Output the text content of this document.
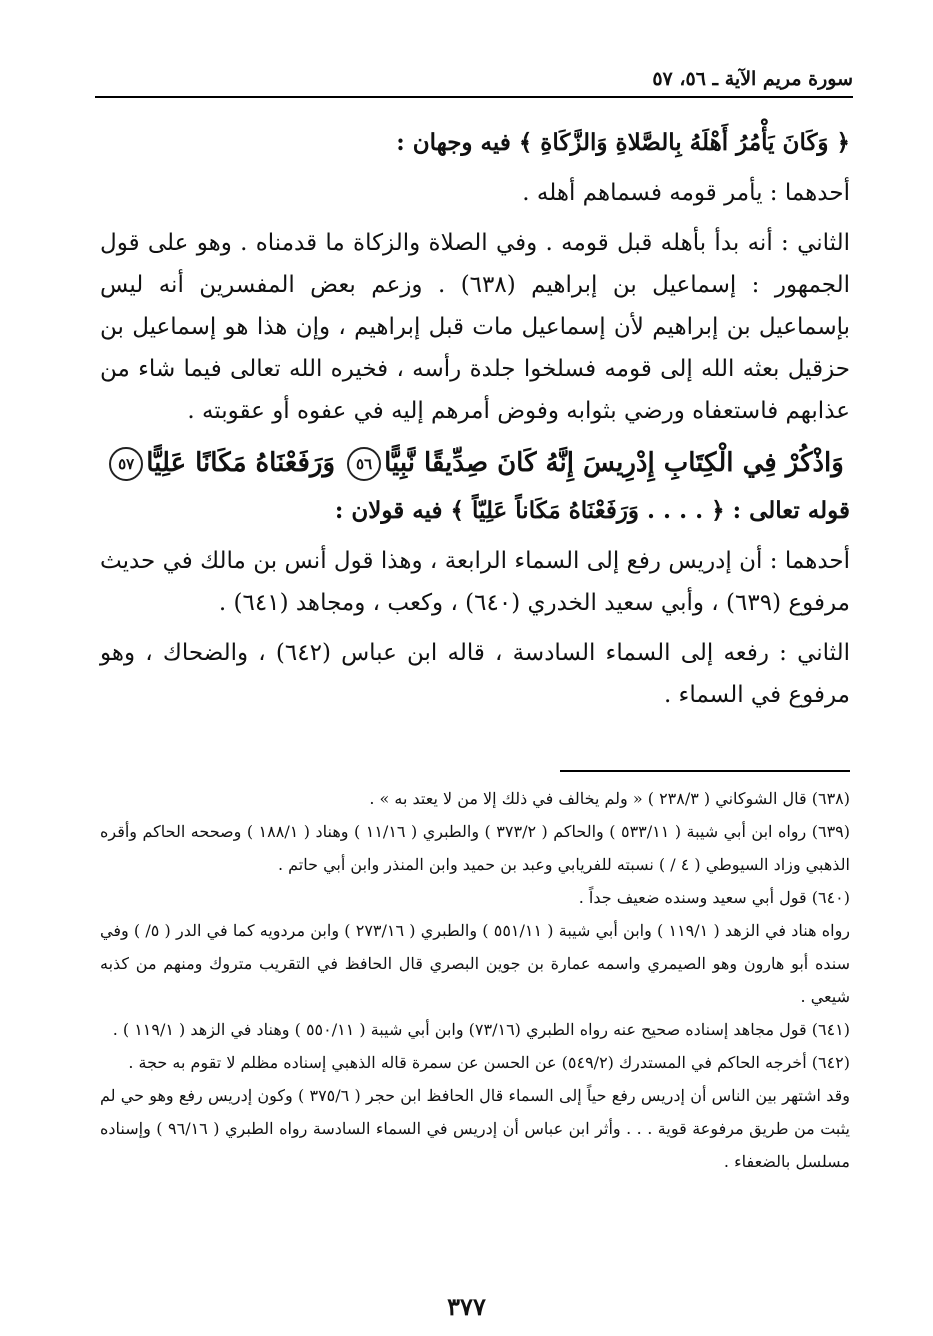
سورة مريم الآية ـ ٥٦، ٥٧

﴿ وَكَانَ يَأْمُرُ أَهْلَهُ بِالصَّلاةِ وَالزَّكَاةِ ﴾ فيه وجهان :

أحدهما : يأمر قومه فسماهم أهله .

الثاني : أنه بدأ بأهله قبل قومه . وفي الصلاة والزكاة ما قدمناه . وهو على قول الجمهور : إسماعيل بن إبراهيم (٦٣٨) . وزعم بعض المفسرين أنه ليس بإسماعيل بن إبراهيم لأن إسماعيل مات قبل إبراهيم ، وإن هذا هو إسماعيل بن حزقيل بعثه الله إلى قومه فسلخوا جلدة رأسه ، فخيره الله تعالى فيما شاء من عذابهم فاستعفاه ورضي بثوابه وفوض أمرهم إليه في عفوه أو عقوبته .

وَاذْكُرْ فِي الْكِتَابِ إِدْرِيسَ إِنَّهُ كَانَ صِدِّيقًا نَّبِيًّا٥٦ وَرَفَعْنَاهُ مَكَانًا عَلِيًّا٥٧

قوله تعالى : ﴿ . . . . وَرَفَعْنَاهُ مَكَاناً عَلِيّاً ﴾ فيه قولان :

أحدهما : أن إدريس رفع إلى السماء الرابعة ، وهذا قول أنس بن مالك في حديث مرفوع (٦٣٩) ، وأبي سعيد الخدري (٦٤٠) ، وكعب ، ومجاهد (٦٤١) .

الثاني : رفعه إلى السماء السادسة ، قاله ابن عباس (٦٤٢) ، والضحاك ، وهو مرفوع في السماء .

(٦٣٨) قال الشوكاني ( ٢٣٨/٣ ) « ولم يخالف في ذلك إلا من لا يعتد به » .

(٦٣٩) رواه ابن أبي شيبة ( ٥٣٣/١١ ) والحاكم ( ٣٧٣/٢ ) والطبري ( ١١/١٦ ) وهناد ( ١٨٨/١ ) وصححه الحاكم وأقره الذهبي وزاد السيوطي ( ٤ / ) نسبته للفريابي وعبد بن حميد وابن المنذر وابن أبي حاتم .

(٦٤٠) قول أبي سعيد وسنده ضعيف جداً .

رواه هناد في الزهد ( ١١٩/١ ) وابن أبي شيبة ( ٥٥١/١١ ) والطبري ( ٢٧٣/١٦ ) وابن مردويه كما في الدر ( ٥/ ) وفي سنده أبو هارون وهو الصيمري واسمه عمارة بن جوين البصري قال الحافظ في التقريب متروك ومنهم من كذبه شيعي .

(٦٤١) قول مجاهد إسناده صحيح عنه رواه الطبري (٧٣/١٦) وابن أبي شيبة ( ٥٥٠/١١ ) وهناد في الزهد ( ١١٩/١ ) .

(٦٤٢) أخرجه الحاكم في المستدرك (٥٤٩/٢) عن الحسن عن سمرة قاله الذهبي إسناده مظلم لا تقوم به حجة .

وقد اشتهر بين الناس أن إدريس رفع حياً إلى السماء قال الحافظ ابن حجر ( ٣٧٥/٦ ) وكون إدريس رفع وهو حي لم يثبت من طريق مرفوعة قوية . . . وأثر ابن عباس أن إدريس في السماء السادسة رواه الطبري ( ٩٦/١٦ ) وإسناده مسلسل بالضعفاء .

٣٧٧
